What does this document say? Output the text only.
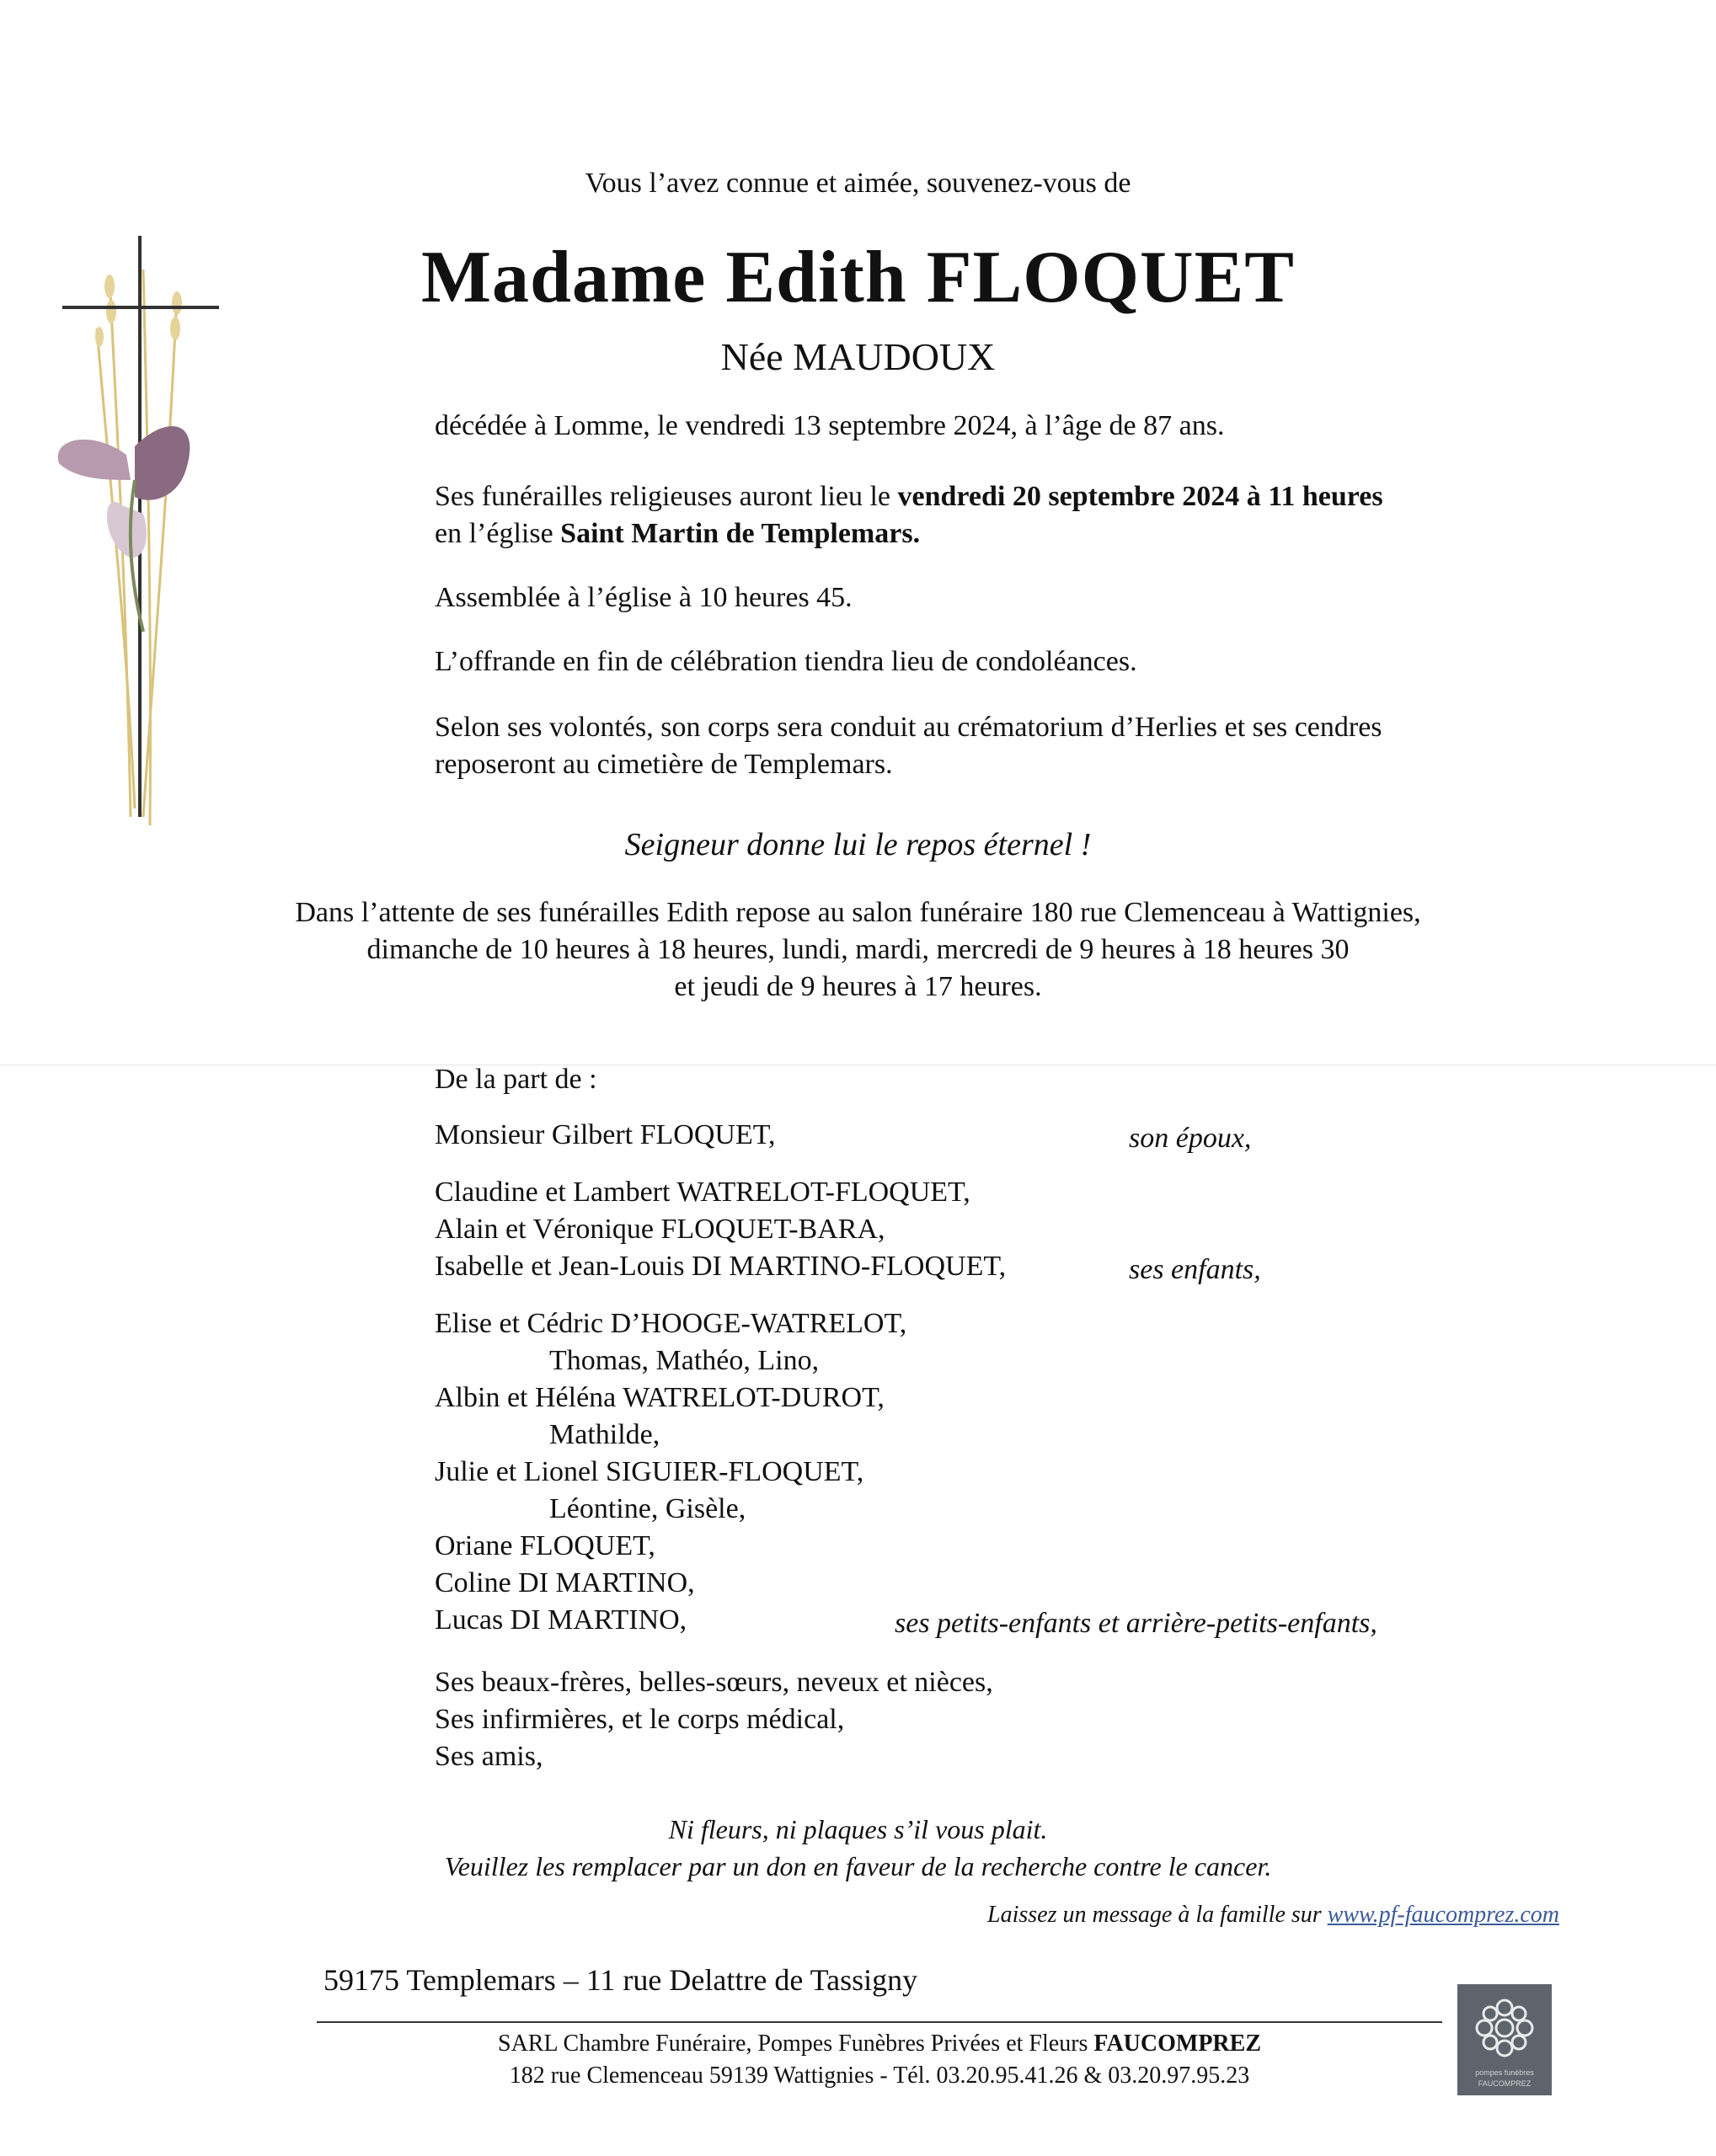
Vous l’avez connue et aimée, souvenez-vous de
Madame Edith FLOQUET
Née MAUDOUX
décédée à Lomme, le vendredi 13 septembre 2024, à l’âge de 87 ans.
Ses funérailles religieuses auront lieu le vendredi 20 septembre 2024 à 11 heures
en l’église Saint Martin de Templemars.
Assemblée à l’église à 10 heures 45.
L’offrande en fin de célébration tiendra lieu de condoléances.
Selon ses volontés, son corps sera conduit au crématorium d’Herlies et ses cendres
reposeront au cimetière de Templemars.
Seigneur donne lui le repos éternel !
Dans l’attente de ses funérailles Edith repose au salon funéraire 180 rue Clemenceau à Wattignies,
dimanche de 10 heures à 18 heures, lundi, mardi, mercredi de 9 heures à 18 heures 30
et jeudi de 9 heures à 17 heures.
De la part de :
Monsieur Gilbert FLOQUET,	son époux,
Claudine et Lambert WATRELOT-FLOQUET,
Alain et Véronique FLOQUET-BARA,
Isabelle et Jean-Louis DI MARTINO-FLOQUET,	ses enfants,
Elise et Cédric D’HOOGE-WATRELOT,
Thomas, Mathéo, Lino,
Albin et Héléna WATRELOT-DUROT,
Mathilde,
Julie et Lionel SIGUIER-FLOQUET,
Léontine, Gisèle,
Oriane FLOQUET,
Coline DI MARTINO,
Lucas DI MARTINO,	ses petits-enfants et arrière-petits-enfants,
Ses beaux-frères, belles-sœurs, neveux et nièces,
Ses infirmières, et le corps médical,
Ses amis,
Ni fleurs, ni plaques s’il vous plait.
Veuillez les remplacer par un don en faveur de la recherche contre le cancer.
Laissez un message à la famille sur www.pf-faucomprez.com
59175 Templemars – 11 rue Delattre de Tassigny
SARL Chambre Funéraire, Pompes Funèbres Privées et Fleurs FAUCOMPREZ
182 rue Clemenceau 59139 Wattignies - Tél. 03.20.95.41.26 & 03.20.97.95.23	pompes funèbres
FAUCOMPREZ
